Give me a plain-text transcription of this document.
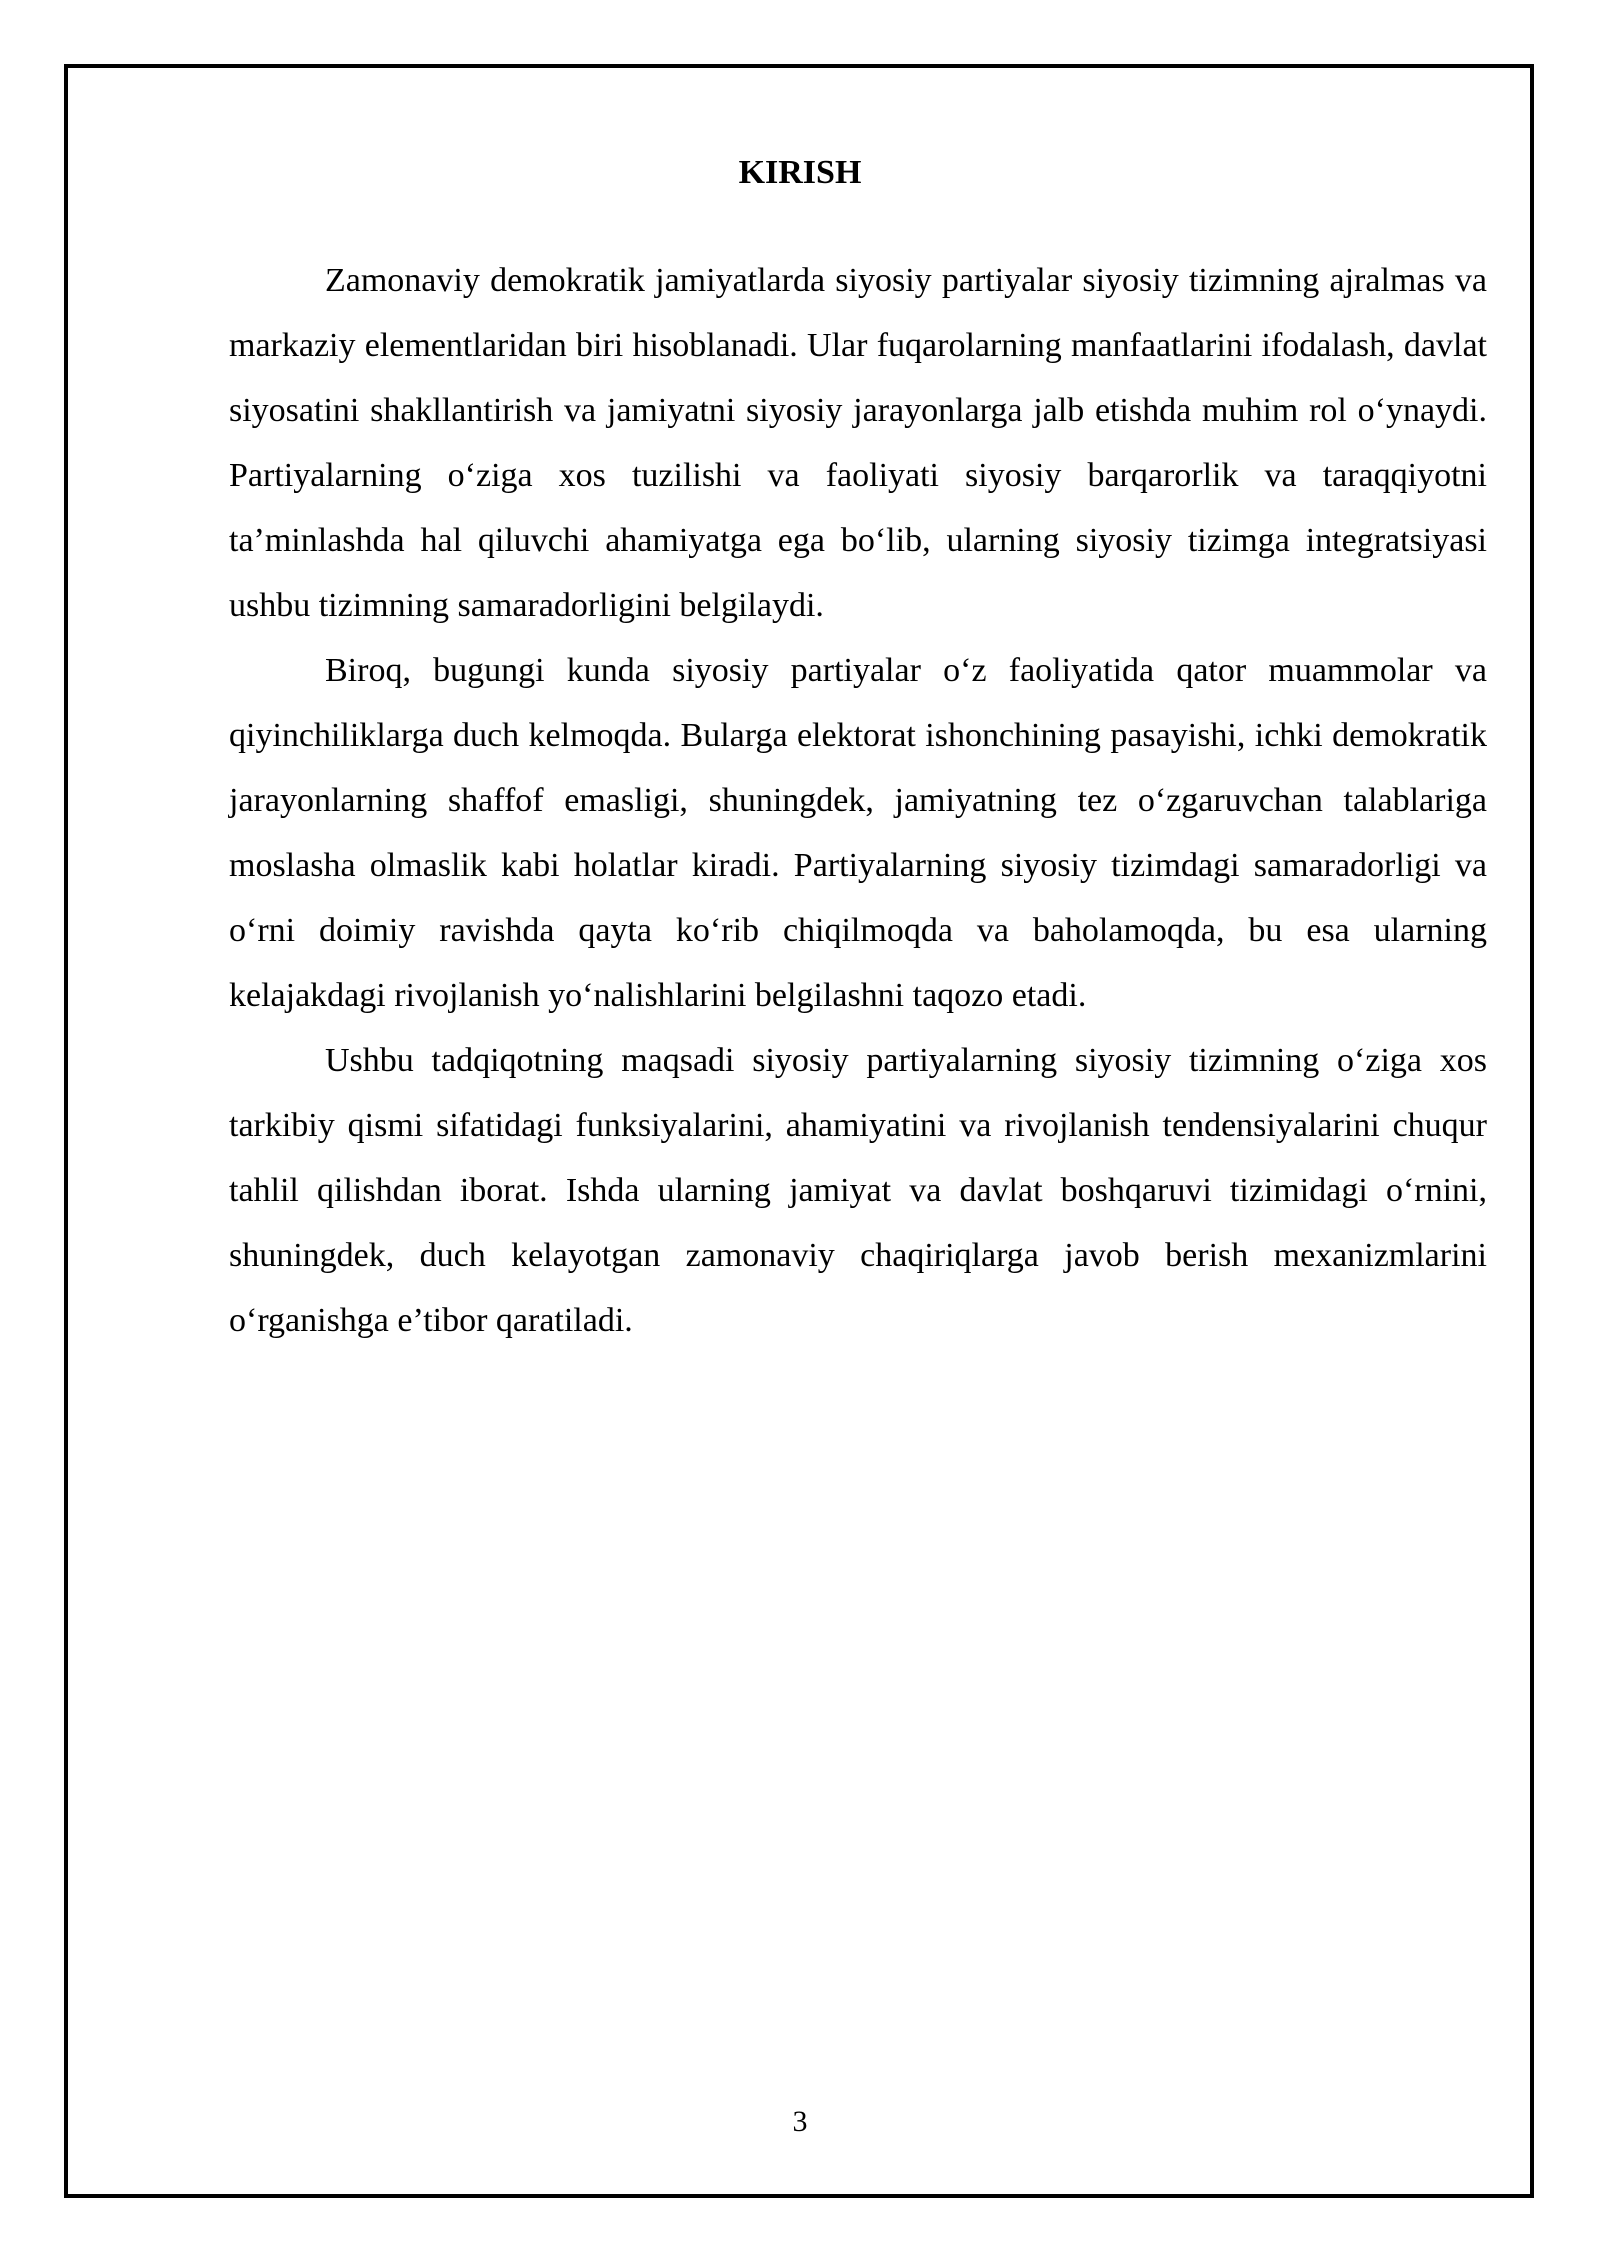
KIRISH

Zamonaviy demokratik jamiyatlarda siyosiy partiyalar siyosiy tizimning ajralmas va markaziy elementlaridan biri hisoblanadi. Ular fuqarolarning manfaatlarini ifodalash, davlat siyosatini shakllantirish va jamiyatni siyosiy jarayonlarga jalb etishda muhim rol o‘ynaydi. Partiyalarning o‘ziga xos tuzilishi va faoliyati siyosiy barqarorlik va taraqqiyotni ta’minlashda hal qiluvchi ahamiyatga ega bo‘lib, ularning siyosiy tizimga integratsiyasi ushbu tizimning samaradorligini belgilaydi.

Biroq, bugungi kunda siyosiy partiyalar o‘z faoliyatida qator muammolar va qiyinchiliklarga duch kelmoqda. Bularga elektorat ishonchining pasayishi, ichki demokratik jarayonlarning shaffof emasligi, shuningdek, jamiyatning tez o‘zgaruvchan talablariga moslasha olmaslik kabi holatlar kiradi. Partiyalarning siyosiy tizimdagi samaradorligi va o‘rni doimiy ravishda qayta ko‘rib chiqilmoqda va baholamoqda, bu esa ularning kelajakdagi rivojlanish yo‘nalishlarini belgilashni taqozo etadi.

Ushbu tadqiqotning maqsadi siyosiy partiyalarning siyosiy tizimning o‘ziga xos tarkibiy qismi sifatidagi funksiyalarini, ahamiyatini va rivojlanish tendensiyalarini chuqur tahlil qilishdan iborat. Ishda ularning jamiyat va davlat boshqaruvi tizimidagi o‘rnini, shuningdek, duch kelayotgan zamonaviy chaqiriqlarga javob berish mexanizmlarini o‘rganishga e’tibor qaratiladi.

3
